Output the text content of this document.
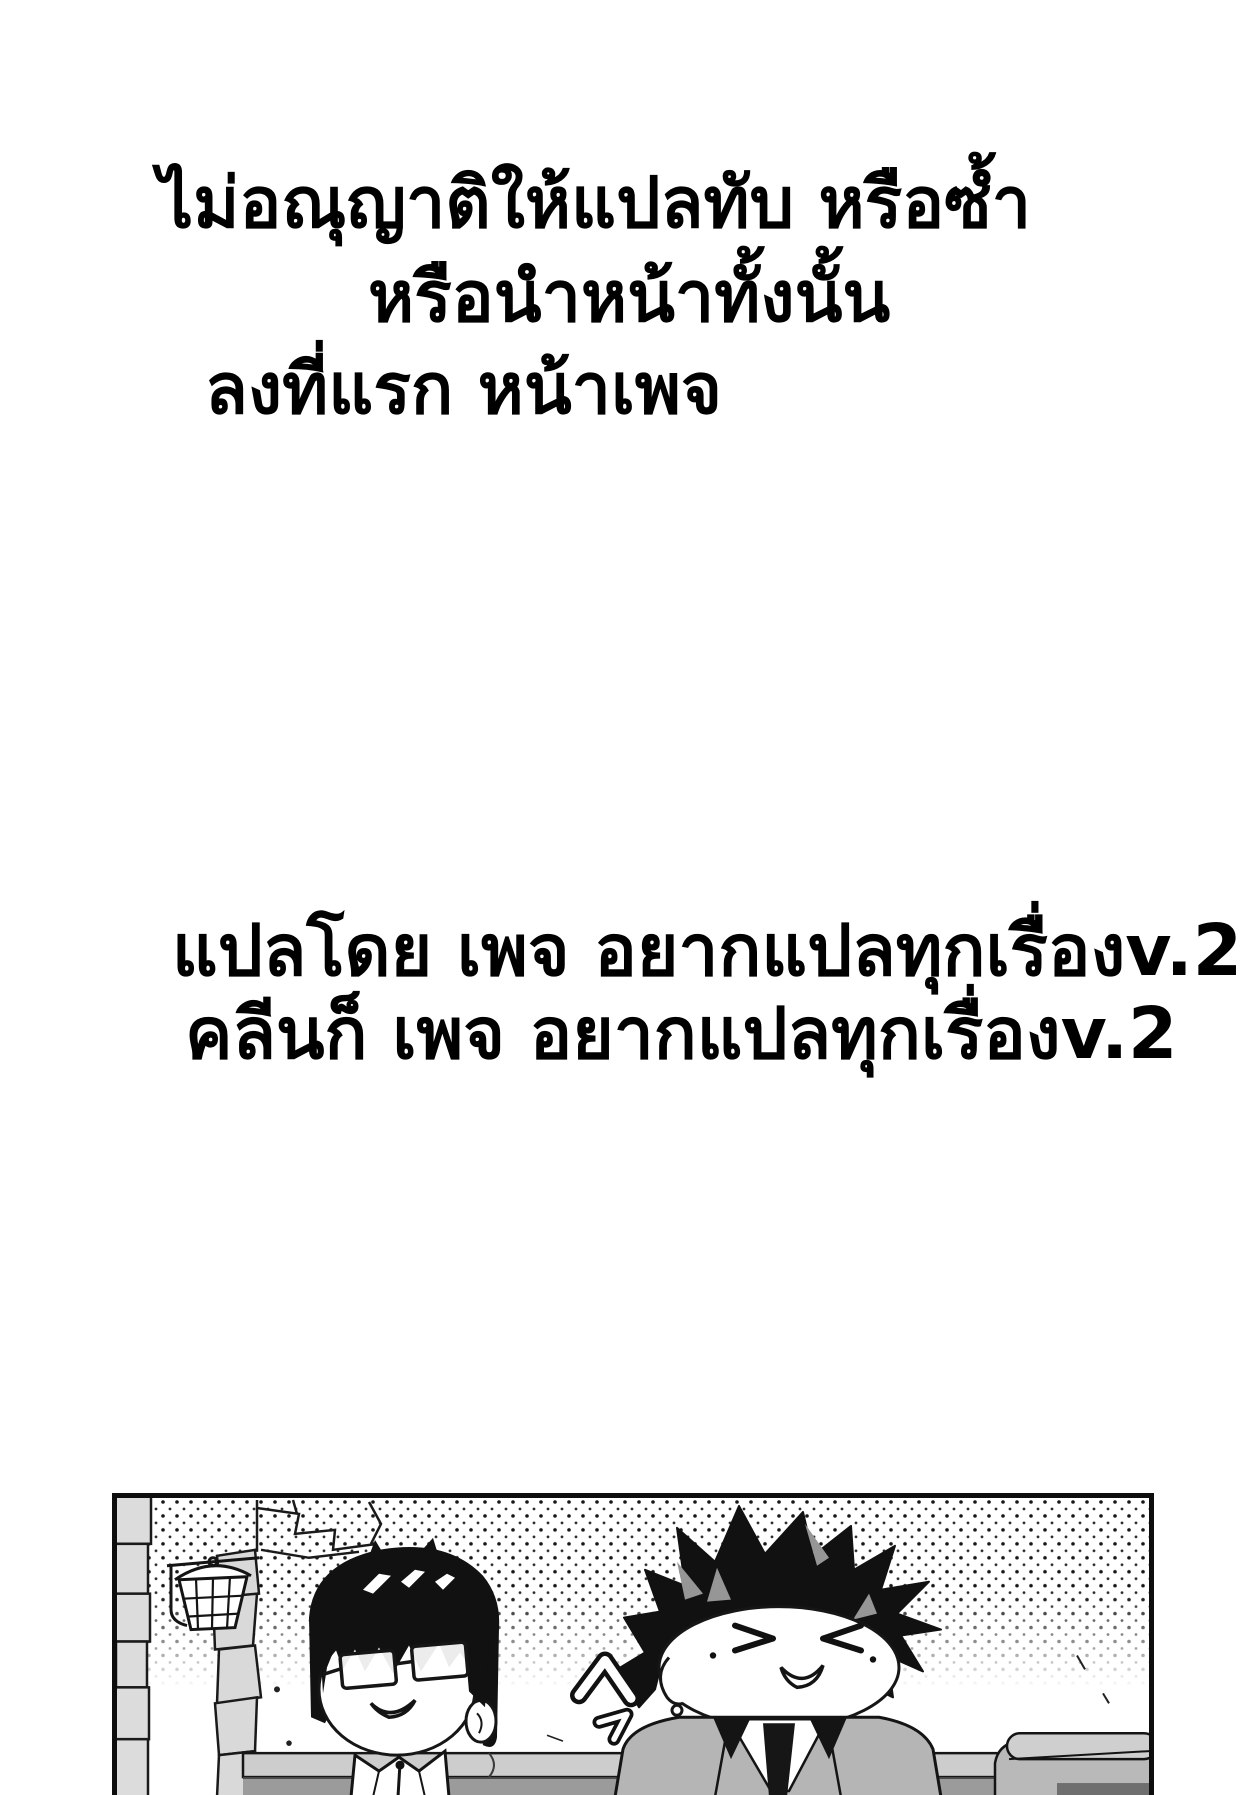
ไม่อณุญาติให้แปลทับ หรือซ้ำ
หรือนำหน้าทั้งนั้น
ลงที่แรก หน้าเพจ
แปลโดย เพจ อยากแปลทุกเรื่องv.2
คลีนก็ เพจ อยากแปลทุกเรื่องv.2
